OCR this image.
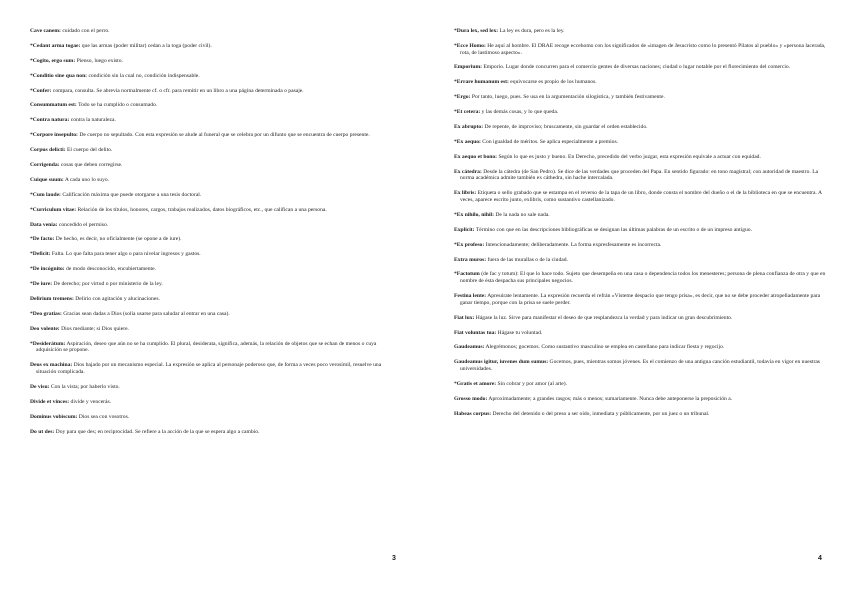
Cave canem: cuidado con el perro.

*Cedant arma togae: que las armas (poder militar) cedan a la toga (poder civil).

*Cogito, ergo sum: Pienso, luego existo.

*Conditio sine qua non: condición sin la cual no, condición indispensable.

*Confer: compara, consulta. Se abrevia normalmente cf. o cfr. para remitir en un libro a una página determinada o pasaje.

Consummatum est: Todo se ha cumplido o consumado.

*Contra natura: contra la naturaleza.

*Corpore insepulto: De cuerpo no sepultado. Con esta expresión se alude al funeral que se celebra por un difunto que se encuentra de cuerpo presente.

Corpus delicti: El cuerpo del delito.

Corrigenda: cosas que deben corregirse.

Cuique suum: A cada uno lo suyo.

*Cum laude: Calificación máxima que puede otorgarse a una tesis doctoral.

*Curriculum vitae: Relación de los títulos, honores, cargos, trabajos realizados, datos biográficos, etc., que califican a una persona.

Data venia: concedido el permiso.

*De facto: De hecho, es decir, no oficialmente (se opone a de iure).

*Deficit: Falta. Lo que falta para tener algo o para nivelar ingresos y gastos.

*De incógnito: de modo desconocido, encubiertamente.

*De iure: De derecho; por virtud o por ministerio de la ley.

Delirium tremens: Delirio con agitación y alucinaciones.

*Deo gratias: Gracias sean dadas a Dios (solía usarse para saludar al entrar en una casa).

Deo volente: Dios mediante; si Dios quiere.

*Desiderátum: Aspiración, deseo que aún no se ha cumplido. El plural, desiderata, significa, además, la relación de objetos que se echan de menos o cuya adquisición se propone.

Deus ex machina: Dios bajado por un mecanismo especial. La expresión se aplica al personaje poderoso que, de forma a veces poco verosímil, resuelve una situación complicada.

De visu: Con la vista; por haberlo visto.

Divide et vinces: divide y vencerás.

Dominus vobiscum: Dios sea con vosotros.

Do ut des: Doy para que des; en reciprocidad. Se refiere a la acción de la que se espera algo a cambio.

3

*Dura lex, sed lex: La ley es dura, pero es la ley.

*Ecce Homo: He aquí al hombre. El DRAE recoge eccehomo con los significados de «imagen de Jesucristo como lo presentó Pilatos al pueblo» y «persona lacerada, rota, de lastimoso aspecto».

Emporium: Emporio. Lugar donde concurren para el comercio gentes de diversas naciones; ciudad o lugar notable por el florecimiento del comercio.

*Errare humanum est: equivocarse es propio de los humanos.

*Ergo: Por tanto, luego, pues. Se usa en la argumentación silogística, y también festivamente.

*Et cetera: y las demás cosas, y lo que queda.

Ex abrupto: De repente, de improviso; bruscamente, sin guardar el orden establecido.

*Ex aequo: Con igualdad de méritos. Se aplica especialmente a premios.

Ex aequo et bono: Según lo que es justo y bueno. En Derecho, precedido del verbo juzgar, esta expresión equivale a actuar con equidad.

Ex cátedra: Desde la cátedra (de San Pedro). Se dice de las verdades que proceden del Papa. En sentido figurado: en tono magistral; con autoridad de maestro. La norma académica admite también ex cáthedra, sin hache intercalada.

Ex libris: Etiqueta o sello grabado que se estampa en el reverso de la tapa de un libro, donde consta el nombre del dueño o el de la biblioteca en que se encuentra. A veces, aparece escrito junto, exlibris, como sustantivo castellanizado.

*Ex nihilo, nihil: De la nada no sale nada.

Explicit: Término con que en las descripciones bibliográficas se designan las últimas palabras de un escrito o de un impreso antiguo.

*Ex profeso: Intencionadamente; deliberadamente. La forma expresfesamente es incorrecta.

Extra muros: fuera de las murallas o de la ciudad.

*Factotum (de fac y totum): El que lo hace todo. Sujeto que desempeña en una casa o dependencia todos los menesteres; persona de plena confianza de otra y que en nombre de ésta despacha sus principales negocios.

Festina lente: Apresúrate lentamente. La expresión recuerda el refrán «Vísteme despacio que tengo prisa», es decir, que no se debe proceder atropelladamente para ganar tiempo, porque con la prisa se suele perder.

Fiat lux: Hágase la luz. Sirve para manifestar el deseo de que resplandezca la verdad y para indicar un gran descubrimiento.

Fiat voluntas tua: Hágase tu voluntad.

Gaudeamus: Alegrémonos; gocemos. Como sustantivo masculino se emplea en castellano para indicar fiesta y regocijo.

Gaudeamus igitur, iuvenes dum sumus: Gocemos, pues, mientras somos jóvenes. Es el comienzo de una antigua canción estudiantil, todavía en vigor en nuestras universidades.

*Gratis et amore: Sin cobrar y por amor (al arte).

Grosso modo: Aproximadamente; a grandes rasgos; más o menos; sumariamente. Nunca debe anteponerse la preposición a.

Habeas corpus: Derecho del detenido o del preso a ser oído, inmediata y públicamente, por un juez o un tribunal.

4
